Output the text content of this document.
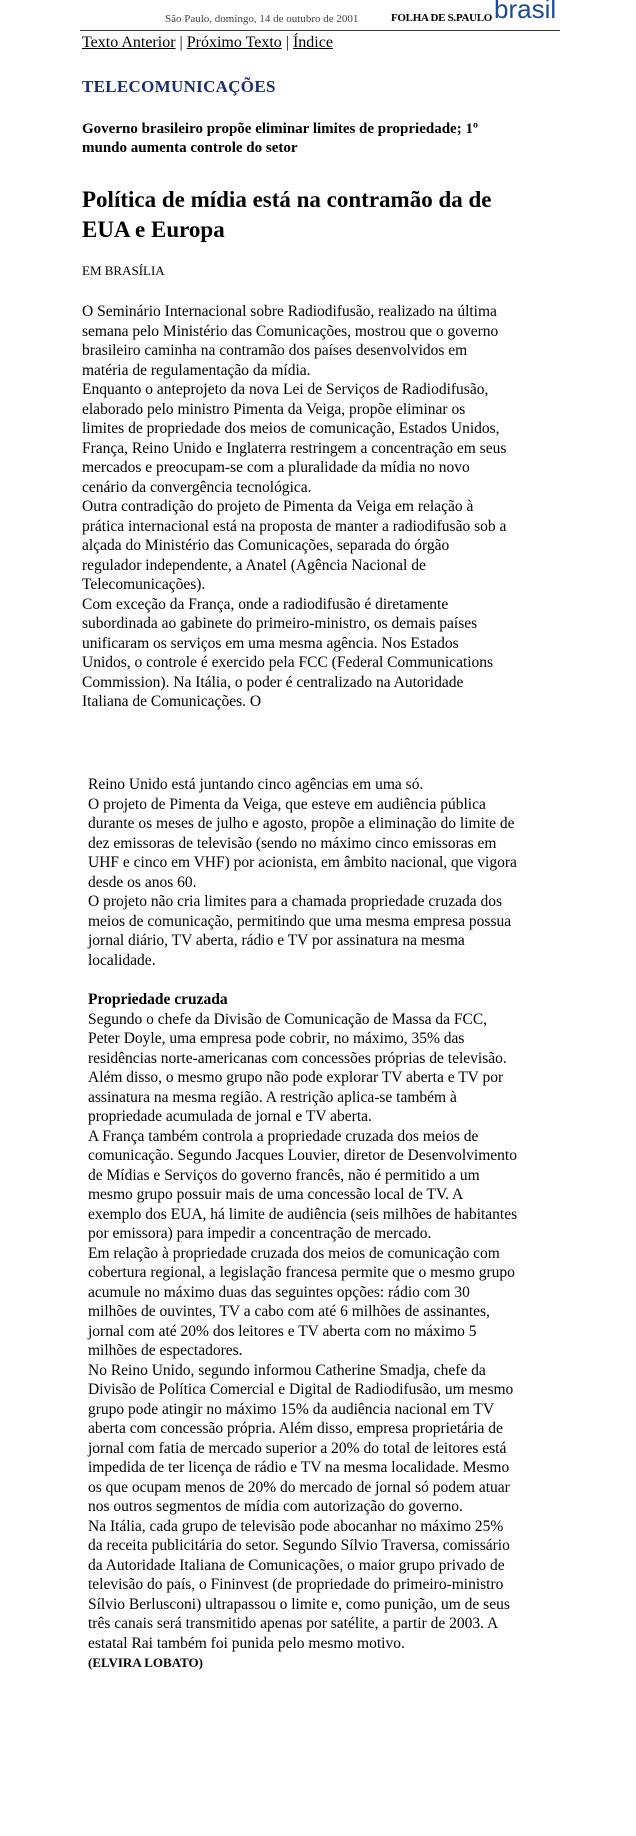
São Paulo, domingo, 14 de outubro de 2001	FOLHA DE S.PAULO brasil
Texto Anterior | Próximo Texto | Índice
TELECOMUNICAÇÕES
Governo brasileiro propõe eliminar limites de propriedade; 1º mundo aumenta controle do setor
Política de mídia está na contramão da de EUA e Europa
EM BRASÍLIA

O Seminário Internacional sobre Radiodifusão, realizado na última semana pelo Ministério das Comunicações, mostrou que o governo brasileiro caminha na contramão dos países desenvolvidos em matéria de regulamentação da mídia.

Enquanto o anteprojeto da nova Lei de Serviços de Radiodifusão, elaborado pelo ministro Pimenta da Veiga, propõe eliminar os limites de propriedade dos meios de comunicação, Estados Unidos, França, Reino Unido e Inglaterra restringem a concentração em seus mercados e preocupam-se com a pluralidade da mídia no novo cenário da convergência tecnológica.

Outra contradição do projeto de Pimenta da Veiga em relação à prática internacional está na proposta de manter a radiodifusão sob a alçada do Ministério das Comunicações, separada do órgão regulador independente, a Anatel (Agência Nacional de Telecomunicações).

Com exceção da França, onde a radiodifusão é diretamente subordinada ao gabinete do primeiro-ministro, os demais países unificaram os serviços em uma mesma agência. Nos Estados Unidos, o controle é exercido pela FCC (Federal Communications Commission). Na Itália, o poder é centralizado na Autoridade Italiana de Comunicações. O

Reino Unido está juntando cinco agências em uma só.

O projeto de Pimenta da Veiga, que esteve em audiência pública durante os meses de julho e agosto, propõe a eliminação do limite de dez emissoras de televisão (sendo no máximo cinco emissoras em UHF e cinco em VHF) por acionista, em âmbito nacional, que vigora desde os anos 60.

O projeto não cria limites para a chamada propriedade cruzada dos meios de comunicação, permitindo que uma mesma empresa possua jornal diário, TV aberta, rádio e TV por assinatura na mesma localidade.

Propriedade cruzada

Segundo o chefe da Divisão de Comunicação de Massa da FCC, Peter Doyle, uma empresa pode cobrir, no máximo, 35% das residências norte-americanas com concessões próprias de televisão. Além disso, o mesmo grupo não pode explorar TV aberta e TV por assinatura na mesma região. A restrição aplica-se também à propriedade acumulada de jornal e TV aberta.

A França também controla a propriedade cruzada dos meios de comunicação. Segundo Jacques Louvier, diretor de Desenvolvimento de Mídias e Serviços do governo francês, não é permitido a um mesmo grupo possuir mais de uma concessão local de TV. A exemplo dos EUA, há limite de audiência (seis milhões de habitantes por emissora) para impedir a concentração de mercado.

Em relação à propriedade cruzada dos meios de comunicação com cobertura regional, a legislação francesa permite que o mesmo grupo acumule no máximo duas das seguintes opções: rádio com 30 milhões de ouvintes, TV a cabo com até 6 milhões de assinantes, jornal com até 20% dos leitores e TV aberta com no máximo 5 milhões de espectadores.

No Reino Unido, segundo informou Catherine Smadja, chefe da Divisão de Política Comercial e Digital de Radiodifusão, um mesmo grupo pode atingir no máximo 15% da audiência nacional em TV aberta com concessão própria. Além disso, empresa proprietária de jornal com fatia de mercado superior a 20% do total de leitores está impedida de ter licença de rádio e TV na mesma localidade. Mesmo os que ocupam menos de 20% do mercado de jornal só podem atuar nos outros segmentos de mídia com autorização do governo.

Na Itália, cada grupo de televisão pode abocanhar no máximo 25% da receita publicitária do setor. Segundo Sílvio Traversa, comissário da Autoridade Italiana de Comunicações, o maior grupo privado de televisão do país, o Fininvest (de propriedade do primeiro-ministro Sílvio Berlusconi) ultrapassou o limite e, como punição, um de seus três canais será transmitido apenas por satélite, a partir de 2003. A estatal Rai também foi punida pelo mesmo motivo.

(ELVIRA LOBATO)
